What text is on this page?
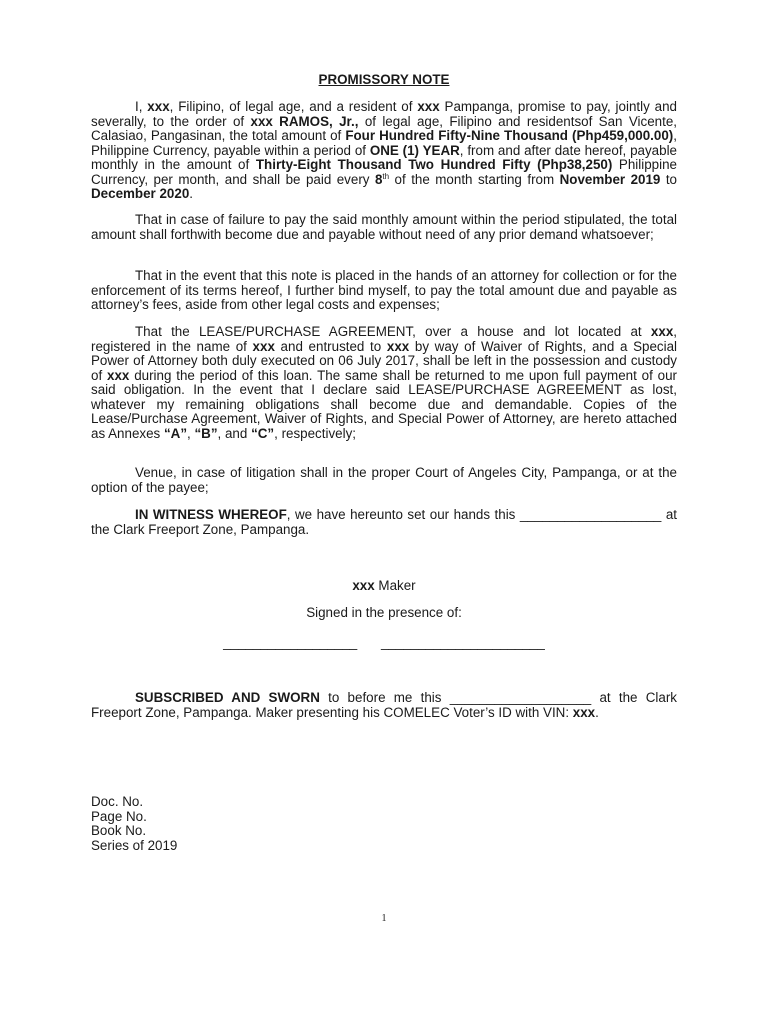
PROMISSORY NOTE

I, xxx, Filipino, of legal age, and a resident of xxx Pampanga, promise to pay, jointly and severally, to the order of xxx RAMOS, Jr., of legal age, Filipino and residentsof San Vicente, Calasiao, Pangasinan, the total amount of Four Hundred Fifty-Nine Thousand (Php459,000.00), Philippine Currency, payable within a period of ONE (1) YEAR, from and after date hereof, payable monthly in the amount of Thirty-Eight Thousand Two Hundred Fifty (Php38,250) Philippine Currency, per month, and shall be paid every 8th of the month starting from November 2019 to December 2020.

That in case of failure to pay the said monthly amount within the period stipulated, the total amount shall forthwith become due and payable without need of any prior demand whatsoever;

That in the event that this note is placed in the hands of an attorney for collection or for the enforcement of its terms hereof, I further bind myself, to pay the total amount due and payable as attorney’s fees, aside from other legal costs and expenses;

That the LEASE/PURCHASE AGREEMENT, over a house and lot located at xxx, registered in the name of xxx and entrusted to xxx by way of Waiver of Rights, and a Special Power of Attorney both duly executed on 06 July 2017, shall be left in the possession and custody of xxx during the period of this loan. The same shall be returned to me upon full payment of our said obligation. In the event that I declare said LEASE/PURCHASE AGREEMENT as lost, whatever my remaining obligations shall become due and demandable. Copies of the Lease/Purchase Agreement, Waiver of Rights, and Special Power of Attorney, are hereto attached as Annexes “A”, “B”, and “C”, respectively;

Venue, in case of litigation shall in the proper Court of Angeles City, Pampanga, or at the option of the payee;

IN WITNESS WHEREOF, we have hereunto set our hands this ___________________ at the Clark Freeport Zone, Pampanga.

xxx Maker

Signed in the presence of:

__________________ ______________________

SUBSCRIBED AND SWORN to before me this ___________________ at the Clark Freeport Zone, Pampanga. Maker presenting his COMELEC Voter’s ID with VIN: xxx.

Doc. No.
Page No.
Book No.
Series of 2019
1
